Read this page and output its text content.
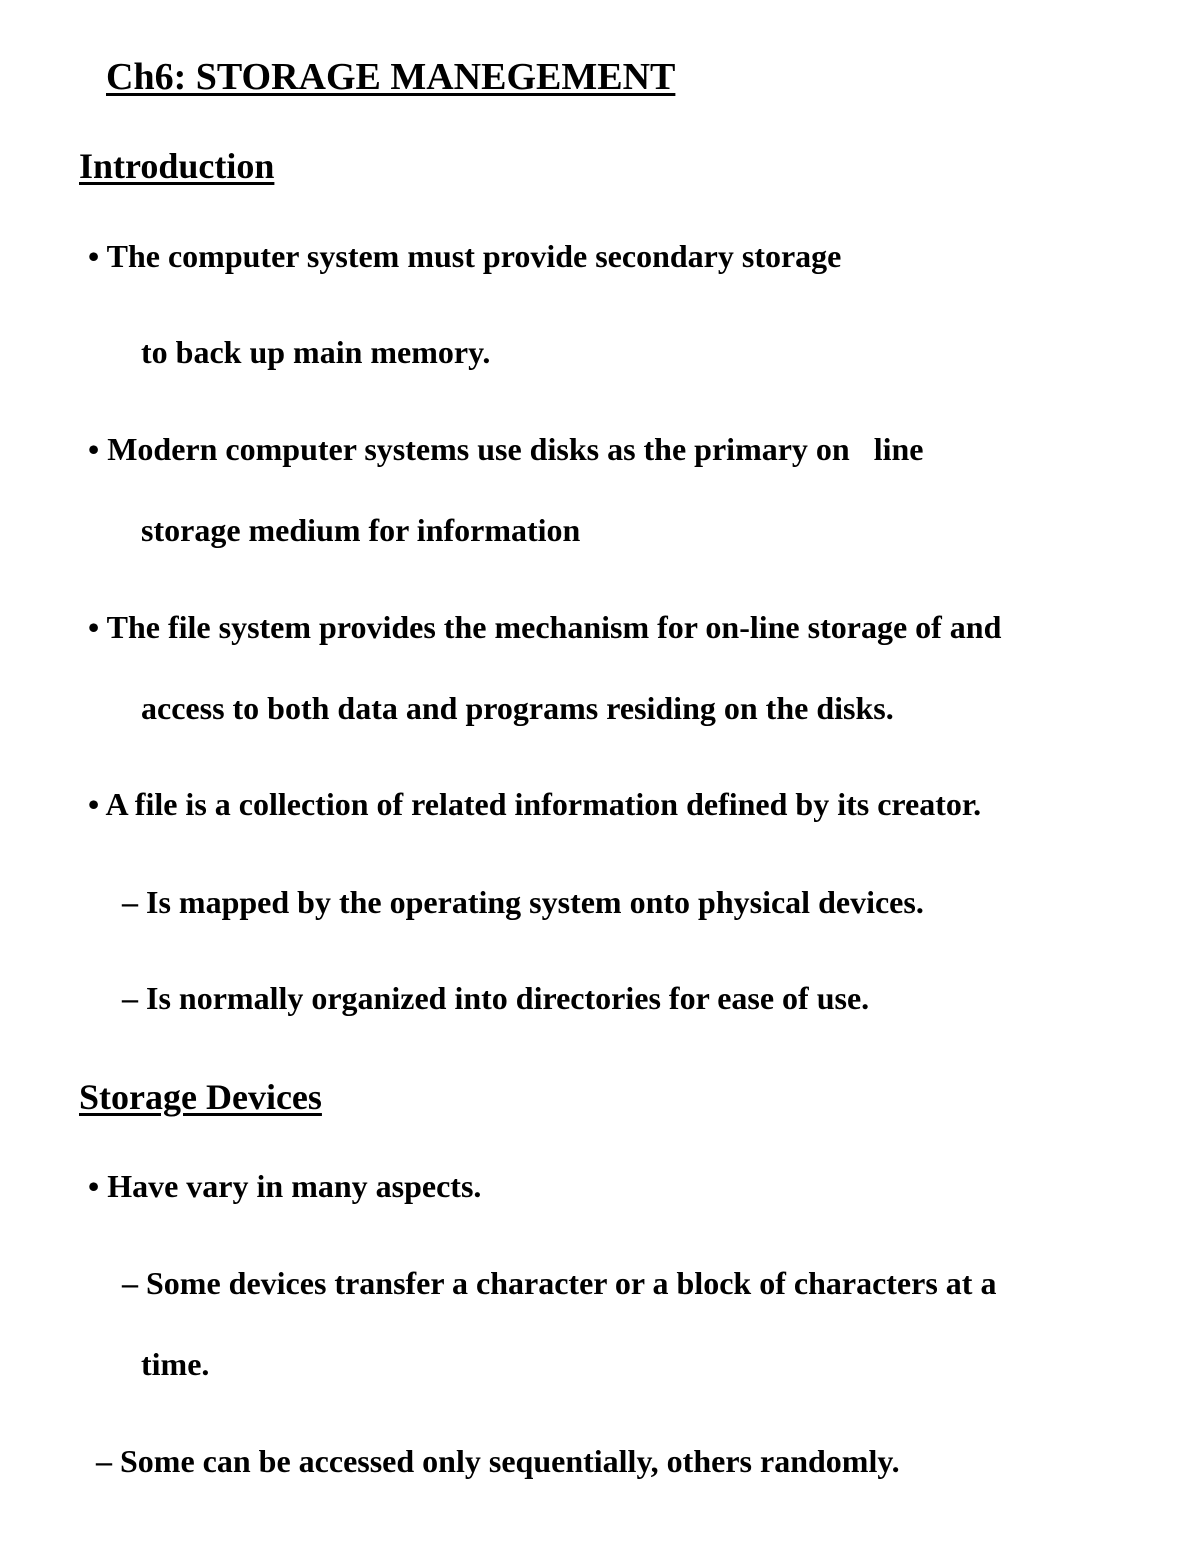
Ch6: STORAGE MANEGEMENT
Introduction
• The computer system must provide secondary storage
to back up main memory.
• Modern computer systems use disks as the primary on   line
storage medium for information
• The file system provides the mechanism for on-line storage of and
access to both data and programs residing on the disks.
• A file is a collection of related information defined by its creator.
– Is mapped by the operating system onto physical devices.
– Is normally organized into directories for ease of use.
Storage Devices
• Have vary in many aspects.
– Some devices transfer a character or a block of characters at a
time.
– Some can be accessed only sequentially, others randomly.
